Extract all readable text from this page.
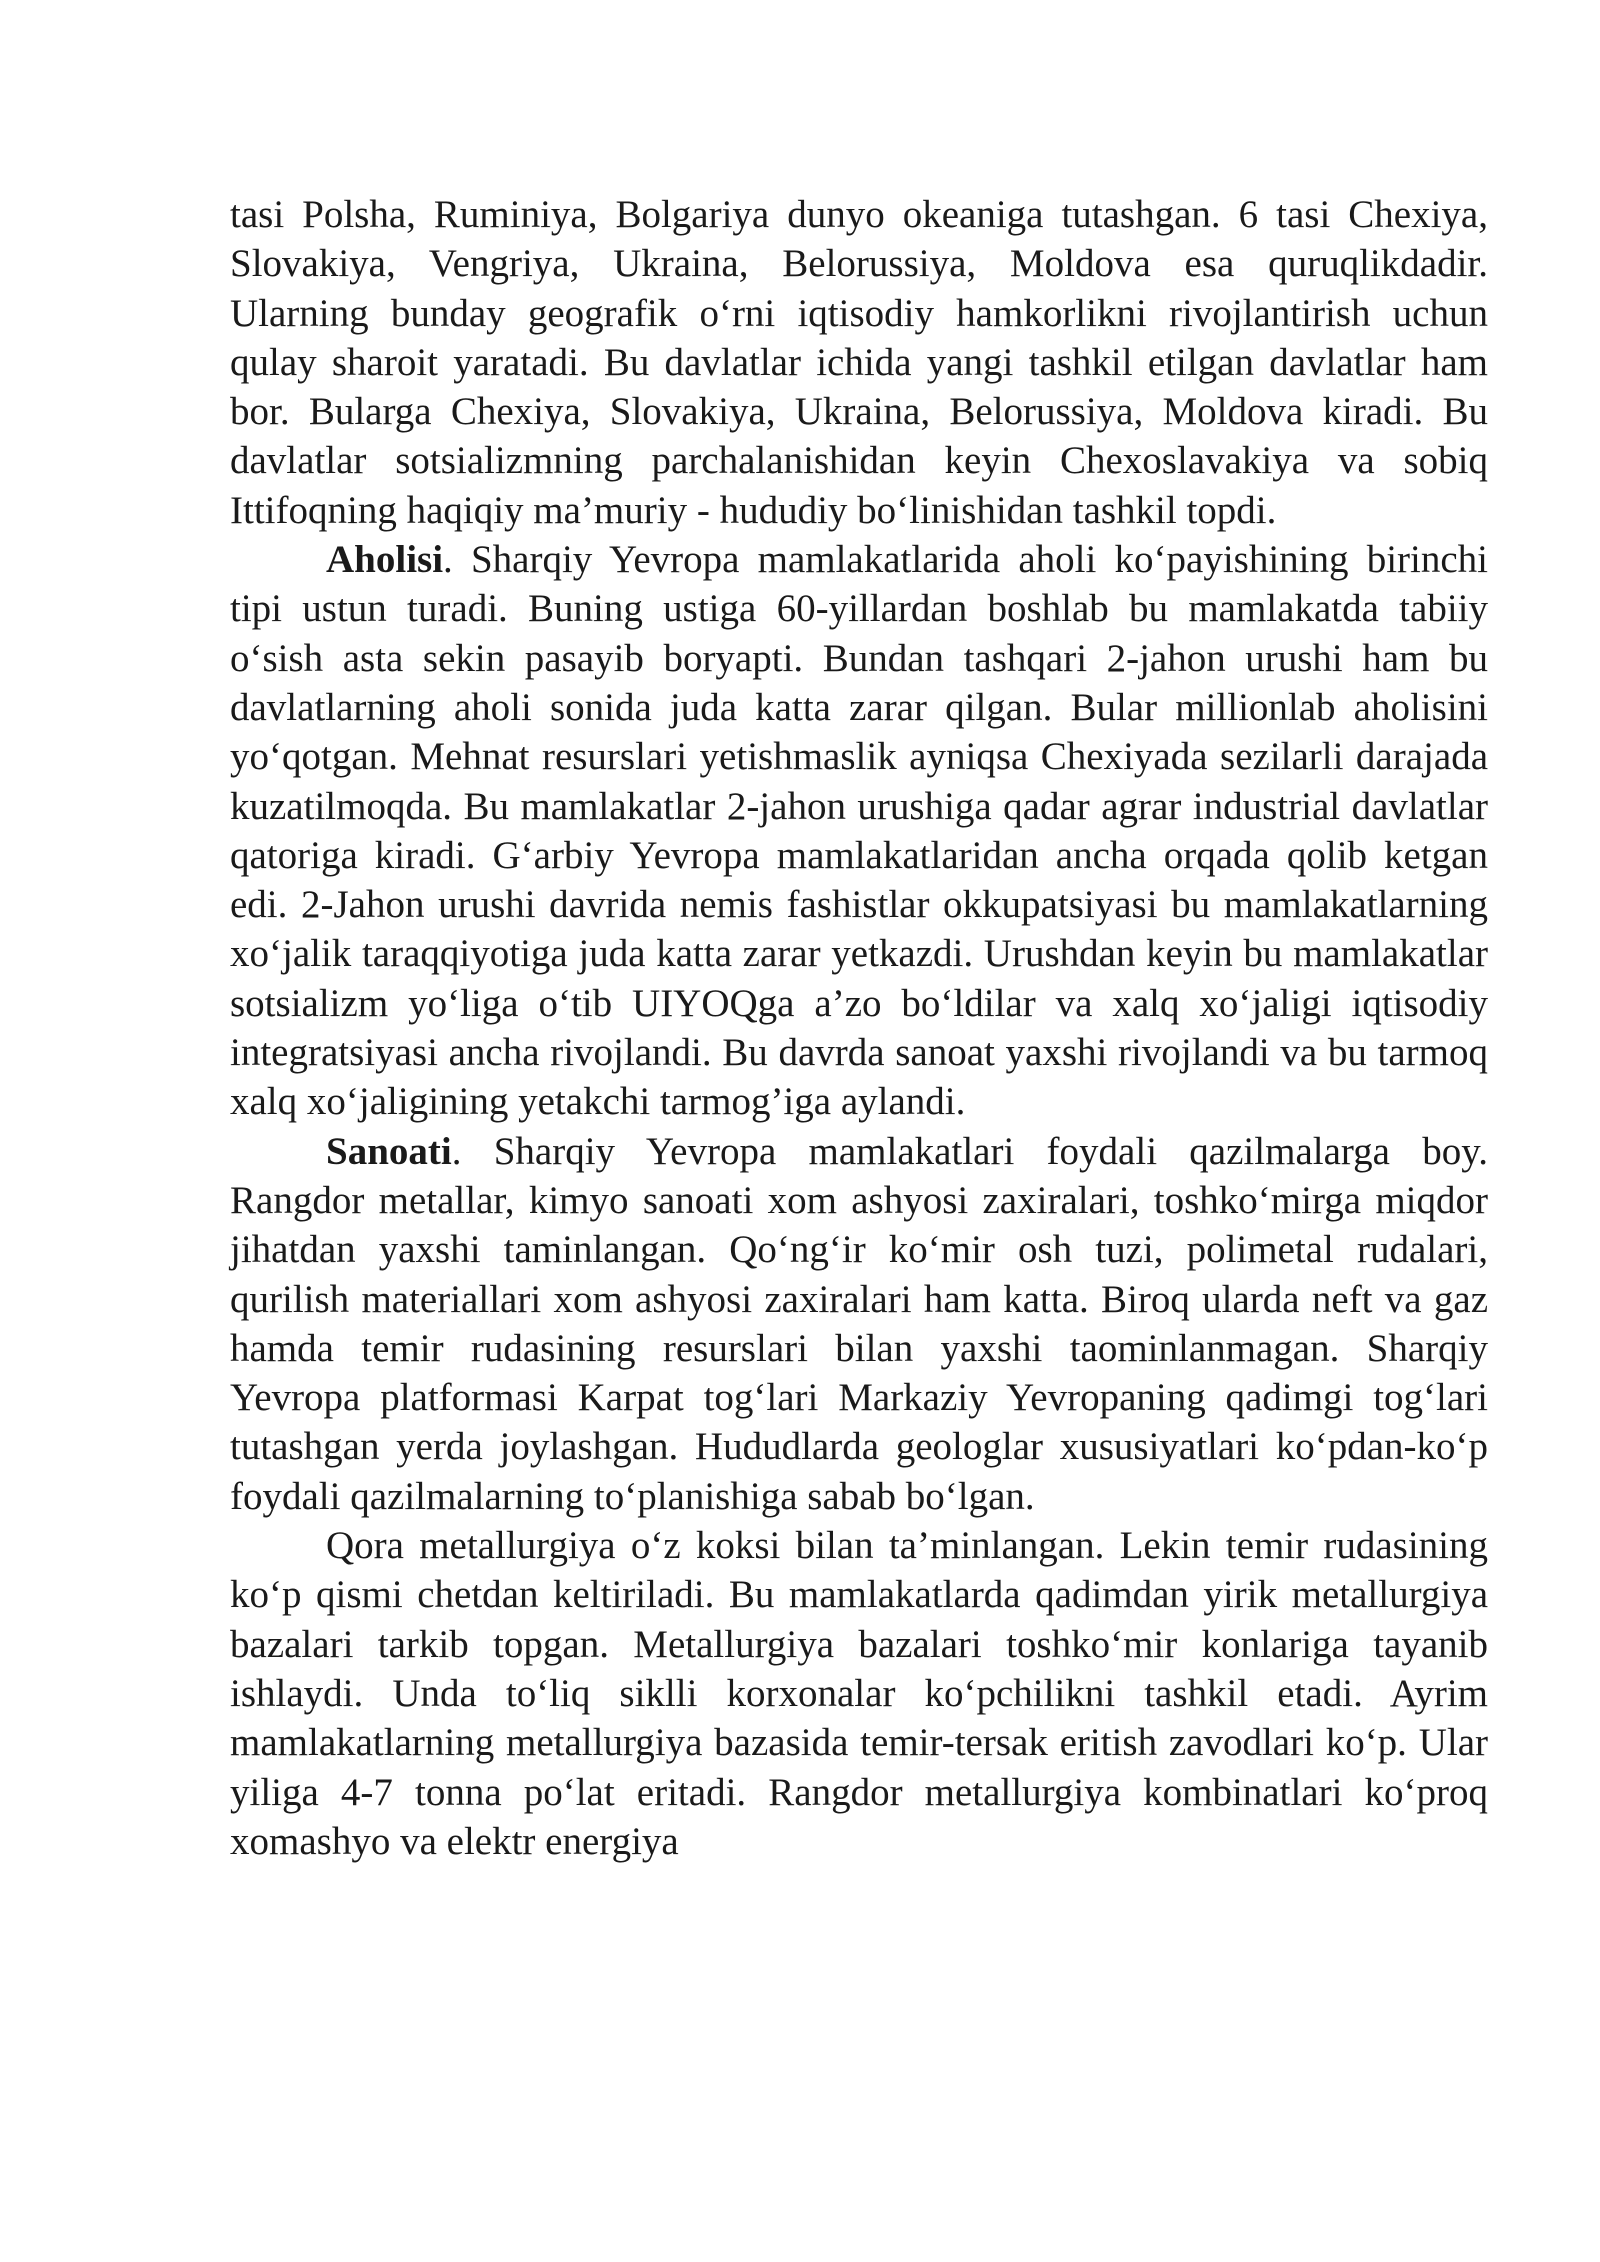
tasi Polsha, Ruminiya, Bolgariya dunyo okeaniga tutashgan. 6 tasi Chexiya, Slovakiya, Vengriya, Ukraina, Belorussiya, Moldova esa quruqlikdadir. Ularning bunday geografik o‘rni iqtisodiy hamkorlikni rivojlantirish uchun qulay sharoit yaratadi. Bu davlatlar ichida yangi tashkil etilgan davlatlar ham bor. Bularga Chexiya, Slovakiya, Ukraina, Belorussiya, Moldova kiradi. Bu davlatlar sotsializmning parchalanishidan keyin Chexoslavakiya va sobiq Ittifoqning haqiqiy ma’muriy - hududiy bo‘linishidan tashkil topdi.

Aholisi. Sharqiy Yevropa mamlakatlarida aholi ko‘payishining birinchi tipi ustun turadi. Buning ustiga 60-yillardan boshlab bu mamlakatda tabiiy o‘sish asta sekin pasayib boryapti. Bundan tashqari 2-jahon urushi ham bu davlatlarning aholi sonida juda katta zarar qilgan. Bular millionlab aholisini yo‘qotgan. Mehnat resurslari yetishmaslik ayniqsa Chexiyada sezilarli darajada kuzatilmoqda. Bu mamlakatlar 2-jahon urushiga qadar agrar industrial davlatlar qatoriga kiradi. G‘arbiy Yevropa mamlakatlaridan ancha orqada qolib ketgan edi. 2-Jahon urushi davrida nemis fashistlar okkupatsiyasi bu mamlakatlarning xo‘jalik taraqqiyotiga juda katta zarar yetkazdi. Urushdan keyin bu mamlakatlar sotsializm yo‘liga o‘tib UIYOQga a’zo bo‘ldilar va xalq xo‘jaligi iqtisodiy integratsiyasi ancha rivojlandi. Bu davrda sanoat yaxshi rivojlandi va bu tarmoq xalq xo‘jaligining yetakchi tarmog’iga aylandi.

Sanoati. Sharqiy Yevropa mamlakatlari foydali qazilmalarga boy. Rangdor metallar, kimyo sanoati xom ashyosi zaxiralari, toshko‘mirga miqdor jihatdan yaxshi taminlangan. Qo‘ng‘ir ko‘mir osh tuzi, polimetal rudalari, qurilish materiallari xom ashyosi zaxiralari ham katta. Biroq ularda neft va gaz hamda temir rudasining resurslari bilan yaxshi taominlanmagan. Sharqiy Yevropa platformasi Karpat tog‘lari Markaziy Yevropaning qadimgi tog‘lari tutashgan yerda joylashgan. Hududlarda geologlar xususiyatlari ko‘pdan-ko‘p foydali qazilmalarning to‘planishiga sabab bo‘lgan.

Qora metallurgiya o‘z koksi bilan ta’minlangan. Lekin temir rudasining ko‘p qismi chetdan keltiriladi. Bu mamlakatlarda qadimdan yirik metallurgiya bazalari tarkib topgan. Metallurgiya bazalari toshko‘mir konlariga tayanib ishlaydi. Unda to‘liq siklli korxonalar ko‘pchilikni tashkil etadi. Ayrim mamlakatlarning metallurgiya bazasida temir-tersak eritish zavodlari ko‘p. Ular yiliga 4-7 tonna po‘lat eritadi. Rangdor metallurgiya kombinatlari ko‘proq xomashyo va elektr energiya
